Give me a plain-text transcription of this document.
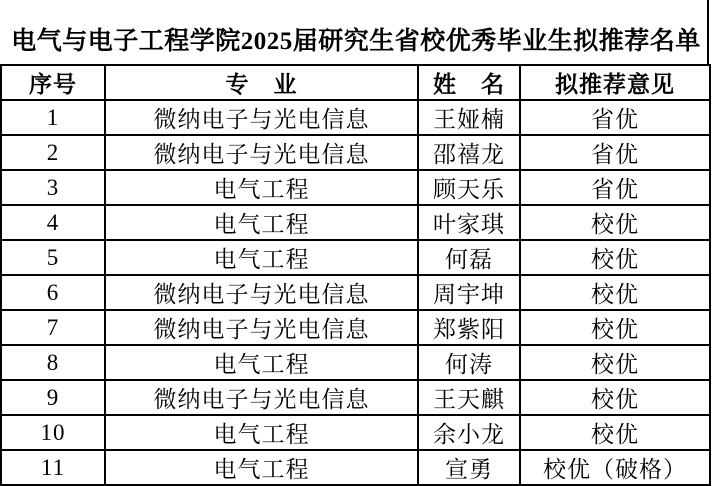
电气与电子工程学院2025届研究生省校优秀毕业生拟推荐名单
序号	专　业	姓　名	拟推荐意见
1	微纳电子与光电信息	王娅楠	省优
2	微纳电子与光电信息	邵禧龙	省优
3	电气工程	顾天乐	省优
4	电气工程	叶家琪	校优
5	电气工程	何磊	校优
6	微纳电子与光电信息	周宇坤	校优
7	微纳电子与光电信息	郑紫阳	校优
8	电气工程	何涛	校优
9	微纳电子与光电信息	王天麒	校优
10	电气工程	余小龙	校优
11	电气工程	宣勇	校优（破格）
